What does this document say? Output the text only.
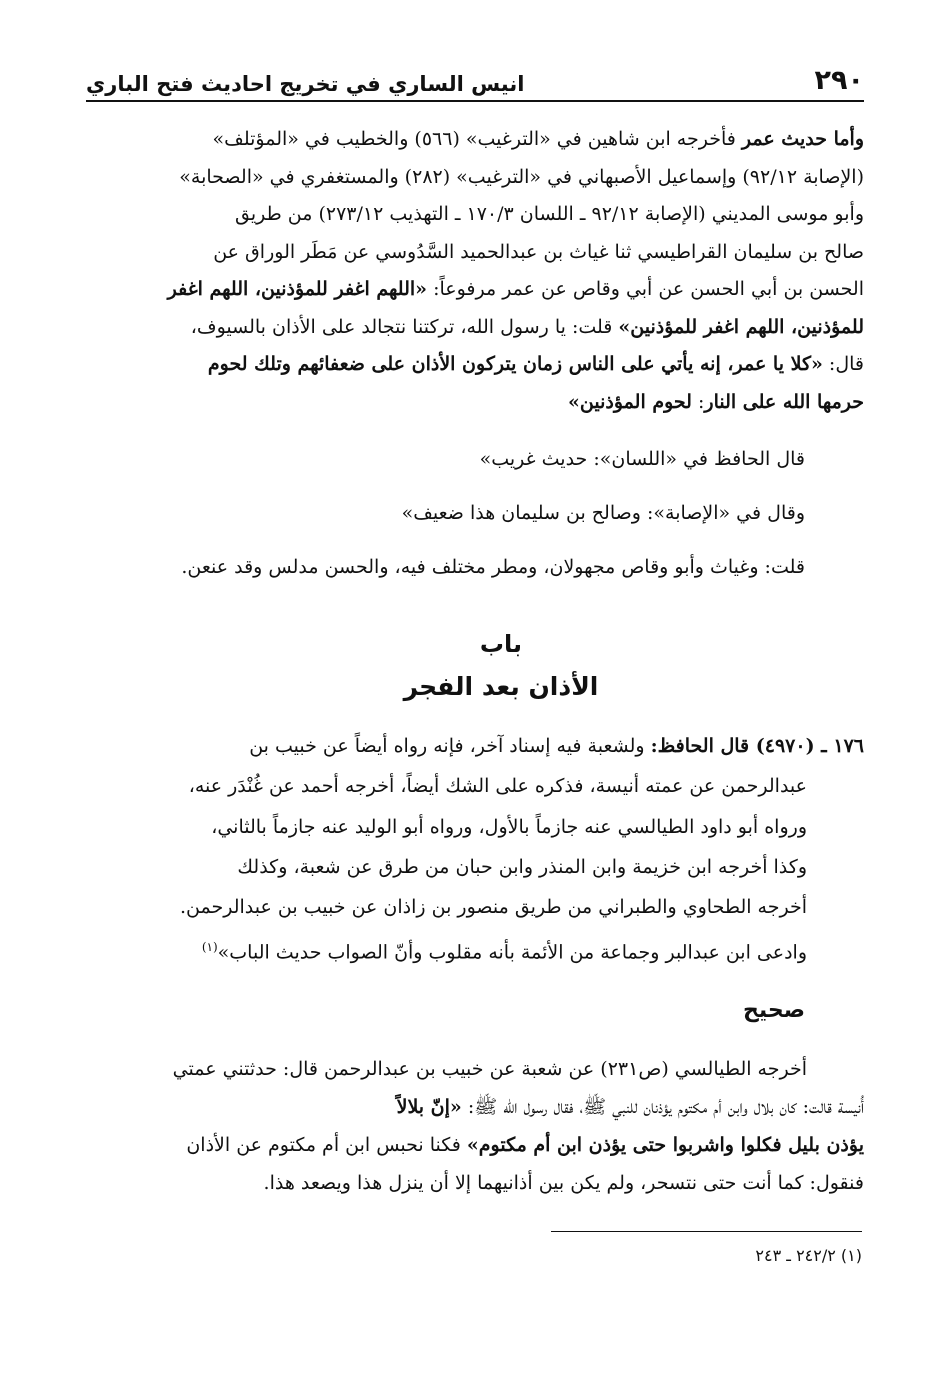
٢٩٠
انيس الساري في تخريج احاديث فتح الباري
وأما حديث عمر فأخرجه ابن شاهين في «الترغيب» (٥٦٦) والخطيب في «المؤتلف»
(الإصابة ٩٢/١٢) وإسماعيل الأصبهاني في «الترغيب» (٢٨٢) والمستغفري في «الصحابة»
وأبو موسى المديني (الإصابة ٩٢/١٢ ـ اللسان ١٧٠/٣ ـ التهذيب ٢٧٣/١٢) من طريق
صالح بن سليمان القراطيسي ثنا غياث بن عبدالحميد السَّدُوسي عن مَطَر الوراق عن
الحسن بن أبي الحسن عن أبي وقاص عن عمر مرفوعاً: «اللهم اغفر للمؤذنين، اللهم اغفر
للمؤذنين، اللهم اغفر للمؤذنين» قلت: يا رسول الله، تركتنا نتجالد على الأذان بالسيوف،
قال: «كلا يا عمر، إنه يأتي على الناس زمان يتركون الأذان على ضعفائهم وتلك لحوم
حرمها الله على النار: لحوم المؤذنين»
قال الحافظ في «اللسان»: حديث غريب»
وقال في «الإصابة»: وصالح بن سليمان هذا ضعيف»
قلت: وغياث وأبو وقاص مجهولان، ومطر مختلف فيه، والحسن مدلس وقد عنعن.
باب
الأذان بعد الفجر
١٧٦ ـ (٤٩٧٠) قال الحافظ: ولشعبة فيه إسناد آخر، فإنه رواه أيضاً عن خبيب بن
عبدالرحمن عن عمته أنيسة، فذكره على الشك أيضاً، أخرجه أحمد عن غُنْدَر عنه،
ورواه أبو داود الطيالسي عنه جازماً بالأول، ورواه أبو الوليد عنه جازماً بالثاني،
وكذا أخرجه ابن خزيمة وابن المنذر وابن حبان من طرق عن شعبة، وكذلك
أخرجه الطحاوي والطبراني من طريق منصور بن زاذان عن خبيب بن عبدالرحمن.
وادعى ابن عبدالبر وجماعة من الأئمة بأنه مقلوب وأنّ الصواب حديث الباب»$^{(١)}$
صحيح
أخرجه الطيالسي (ص٢٣١) عن شعبة عن خبيب بن عبدالرحمن قال: حدثتني عمتي
أُنيسة قالت: كان بلال وابن أم مكتوم يؤذنان للنبي ﷺ، فقال رسول الله ﷺ: «إنّ بلالاً
يؤذن بليل فكلوا واشربوا حتى يؤذن ابن أم مكتوم» فكنا نحبس ابن أم مكتوم عن الأذان
فنقول: كما أنت حتى نتسحر، ولم يكن بين أذانيهما إلا أن ينزل هذا ويصعد هذا.
(١) ٢٤٢/٢ ـ ٢٤٣
